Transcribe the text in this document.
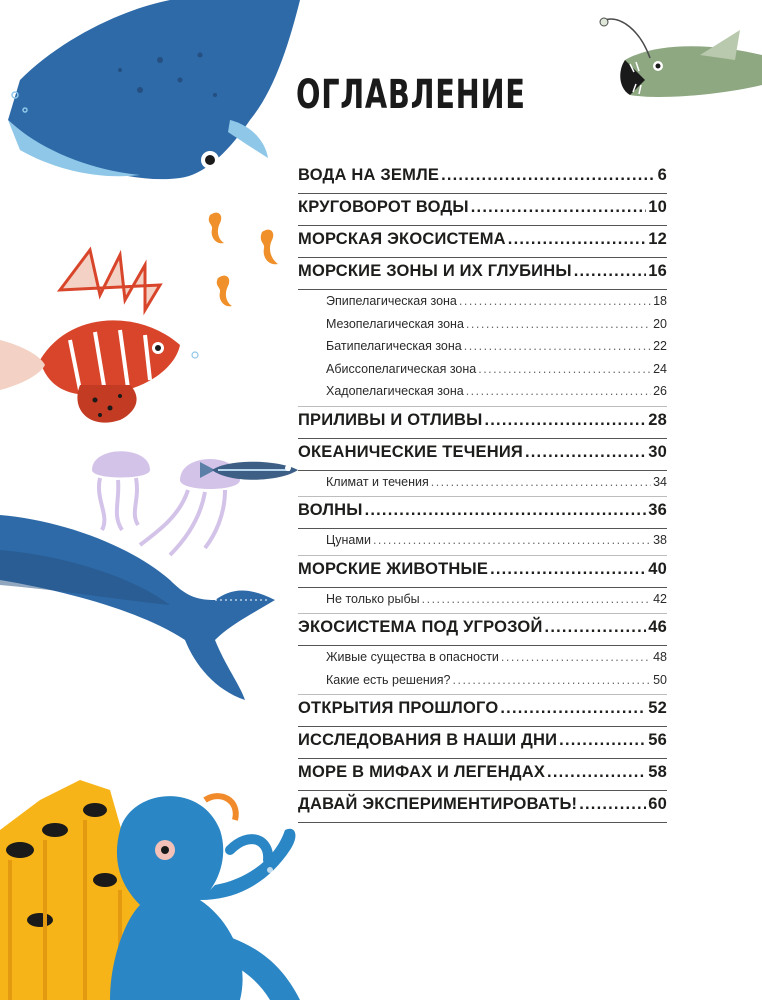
ОГЛАВЛЕНИЕ
ВОДА НА ЗЕМЛЕ .....	6
КРУГОВОРОТ ВОДЫ .....	10
МОРСКАЯ ЭКОСИСТЕМА .....	12
МОРСКИЕ ЗОНЫ И ИХ ГЛУБИНЫ .....	16
Эпипелагическая зона .....	18
Мезопелагическая зона .....	20
Батипелагическая зона .....	22
Абиссопелагическая зона .....	24
Хадопелагическая зона .....	26
ПРИЛИВЫ И ОТЛИВЫ .....	28
ОКЕАНИЧЕСКИЕ ТЕЧЕНИЯ .....	30
Климат и течения .....	34
ВОЛНЫ .....	36
Цунами .....	38
МОРСКИЕ ЖИВОТНЫЕ .....	40
Не только рыбы .....	42
ЭКОСИСТЕМА ПОД УГРОЗОЙ .....	46
Живые существа в опасности .....	48
Какие есть решения? .....	50
ОТКРЫТИЯ ПРОШЛОГО .....	52
ИССЛЕДОВАНИЯ В НАШИ ДНИ .....	56
МОРЕ В МИФАХ И ЛЕГЕНДАХ .....	58
ДАВАЙ ЭКСПЕРИМЕНТИРОВАТЬ! .....	60
